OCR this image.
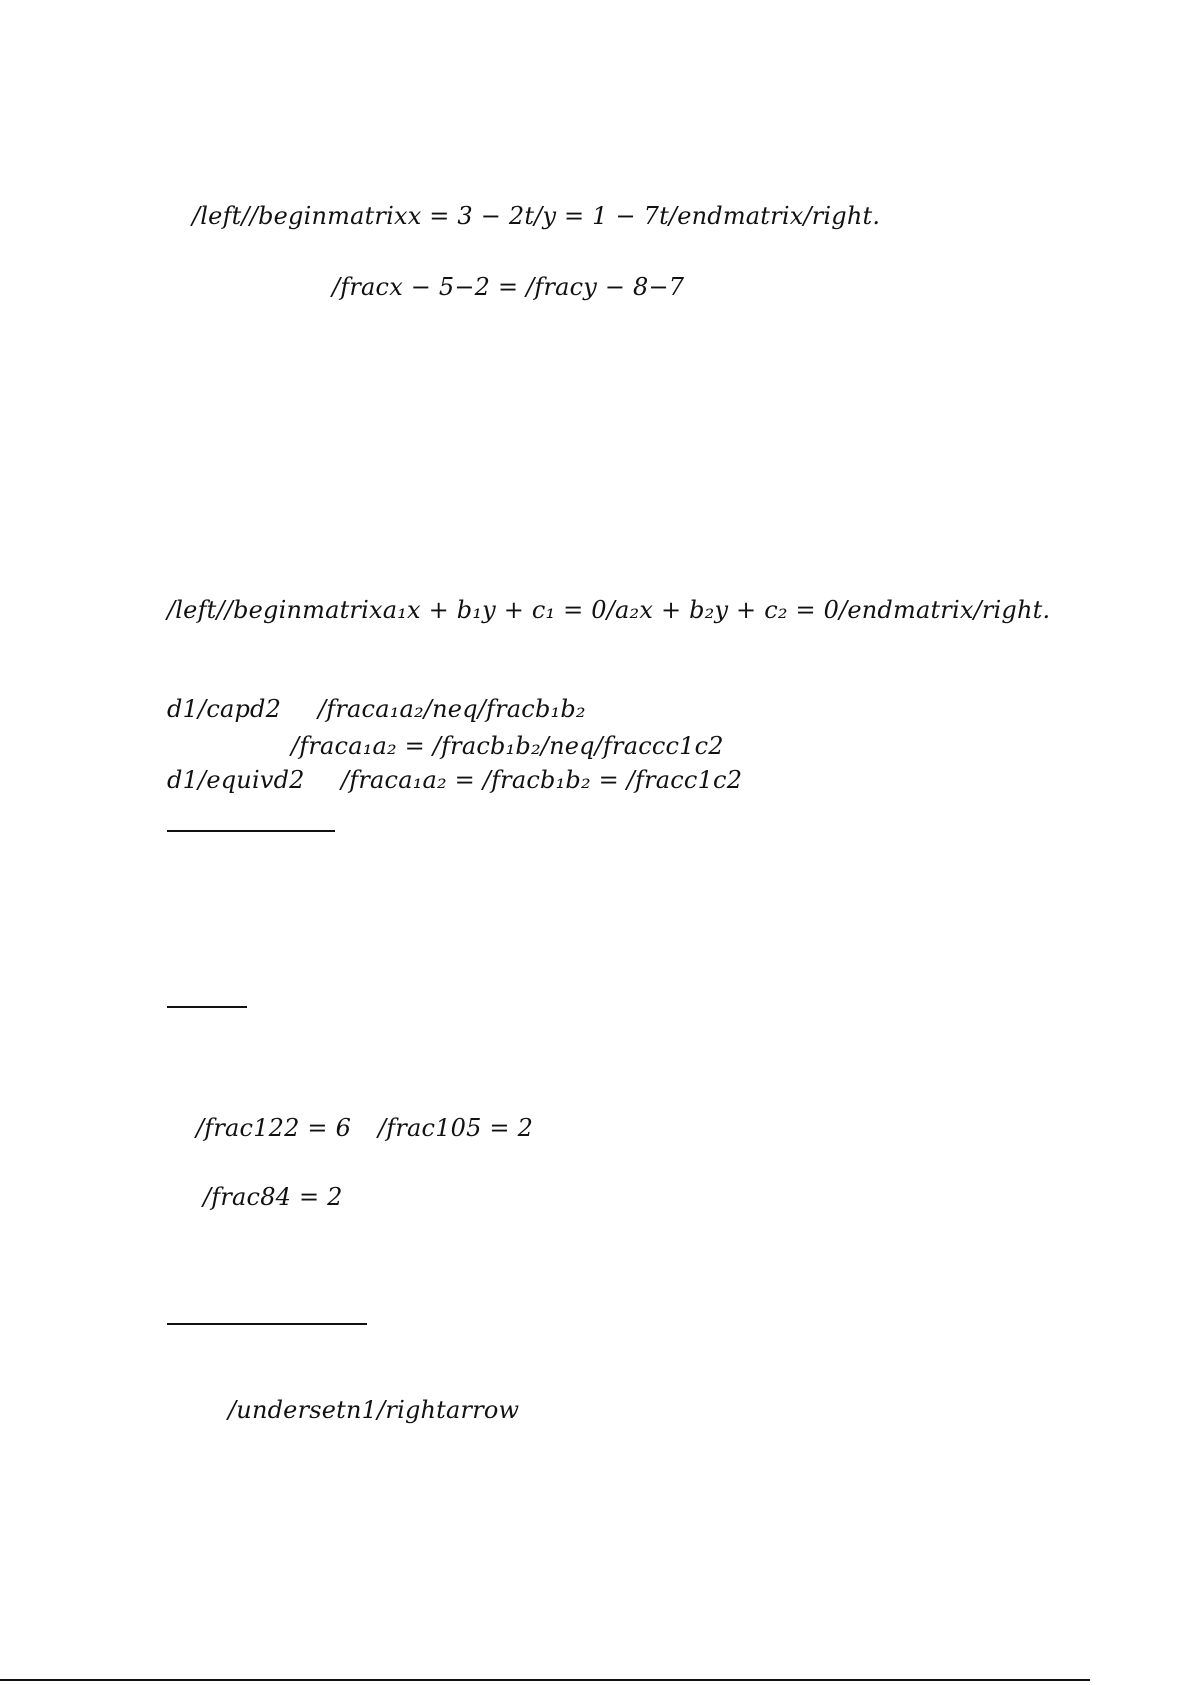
/left//beginmatrixx = 3 − 2t/y = 1 − 7t/endmatrix/right.
/fracx − 5−2 = /fracy − 8−7
/left//beginmatrixa₁x + b₁y + c₁ = 0/a₂x + b₂y + c₂ = 0/endmatrix/right.
d1/capd2 /fraca₁a₂/neq/fracb₁b₂
/fraca₁a₂ = /fracb₁b₂/neq/fraccc1c2
d1/equivd2 /fraca₁a₂ = /fracb₁b₂ = /fracc1c2
/frac122 = 6 /frac105 = 2
/frac84 = 2
/undersetn1/rightarrow
